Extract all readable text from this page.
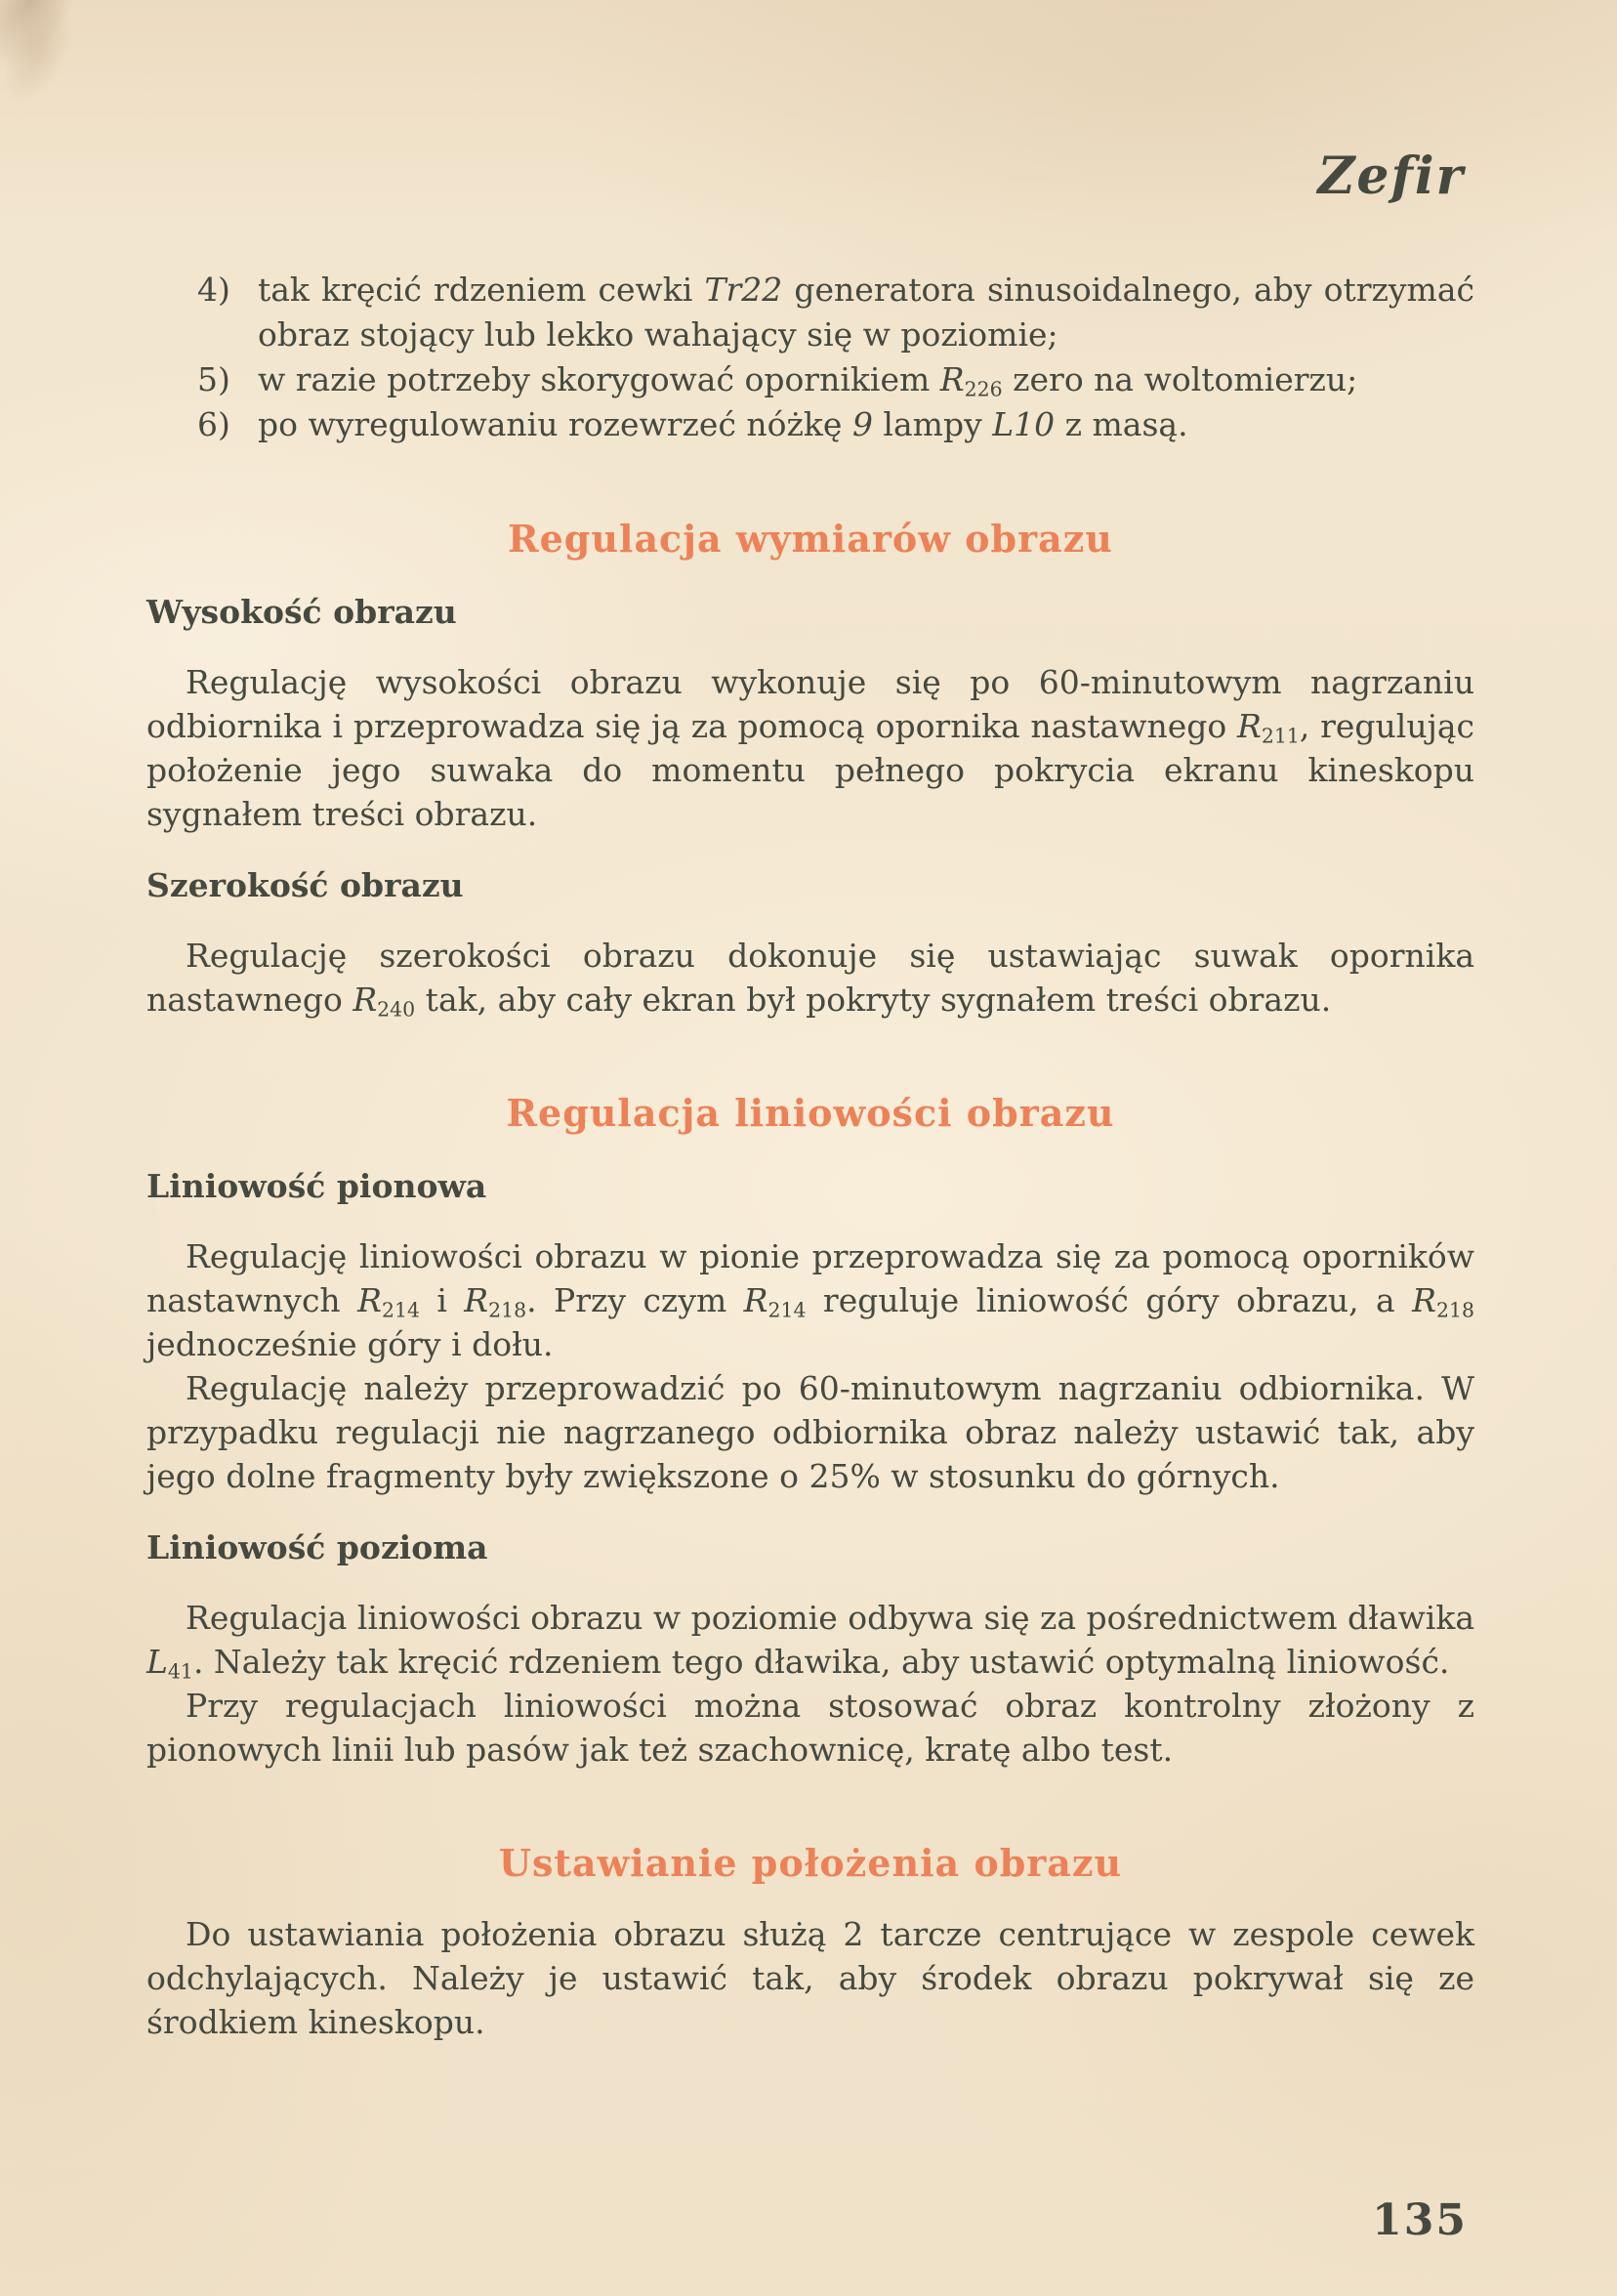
Zefir
4) tak kręcić rdzeniem cewki Tr22 generatora sinusoidalnego, aby otrzymać obraz stojący lub lekko wahający się w poziomie;
5) w razie potrzeby skorygować opornikiem $R_{226}$ zero na woltomierzu;
6) po wyregulowaniu rozewrzeć nóżkę 9 lampy L10 z masą.
Regulacja wymiarów obrazu
Wysokość obrazu

Regulację wysokości obrazu wykonuje się po 60-minutowym nagrzaniu odbiornika i przeprowadza się ją za pomocą opornika nastawnego $R_{211}$, regulując położenie jego suwaka do momentu pełnego pokrycia ekranu kineskopu sygnałem treści obrazu.

Szerokość obrazu

Regulację szerokości obrazu dokonuje się ustawiając suwak opornika nastawnego $R_{240}$ tak, aby cały ekran był pokryty sygnałem treści obrazu.

Regulacja liniowości obrazu
Liniowość pionowa

Regulację liniowości obrazu w pionie przeprowadza się za pomocą oporników nastawnych $R_{214}$ i $R_{218}$. Przy czym $R_{214}$ reguluje liniowość góry obrazu, a $R_{218}$ jednocześnie góry i dołu.

Regulację należy przeprowadzić po 60-minutowym nagrzaniu odbiornika. W przypadku regulacji nie nagrzanego odbiornika obraz należy ustawić tak, aby jego dolne fragmenty były zwiększone o 25% w stosunku do górnych.

Liniowość pozioma

Regulacja liniowości obrazu w poziomie odbywa się za pośrednictwem dławika $L_{41}$. Należy tak kręcić rdzeniem tego dławika, aby ustawić optymalną liniowość.

Przy regulacjach liniowości można stosować obraz kontrolny złożony z pionowych linii lub pasów jak też szachownicę, kratę albo test.

Ustawianie położenia obrazu

Do ustawiania położenia obrazu służą 2 tarcze centrujące w zespole cewek odchylających. Należy je ustawić tak, aby środek obrazu pokrywał się ze środkiem kineskopu.

135
